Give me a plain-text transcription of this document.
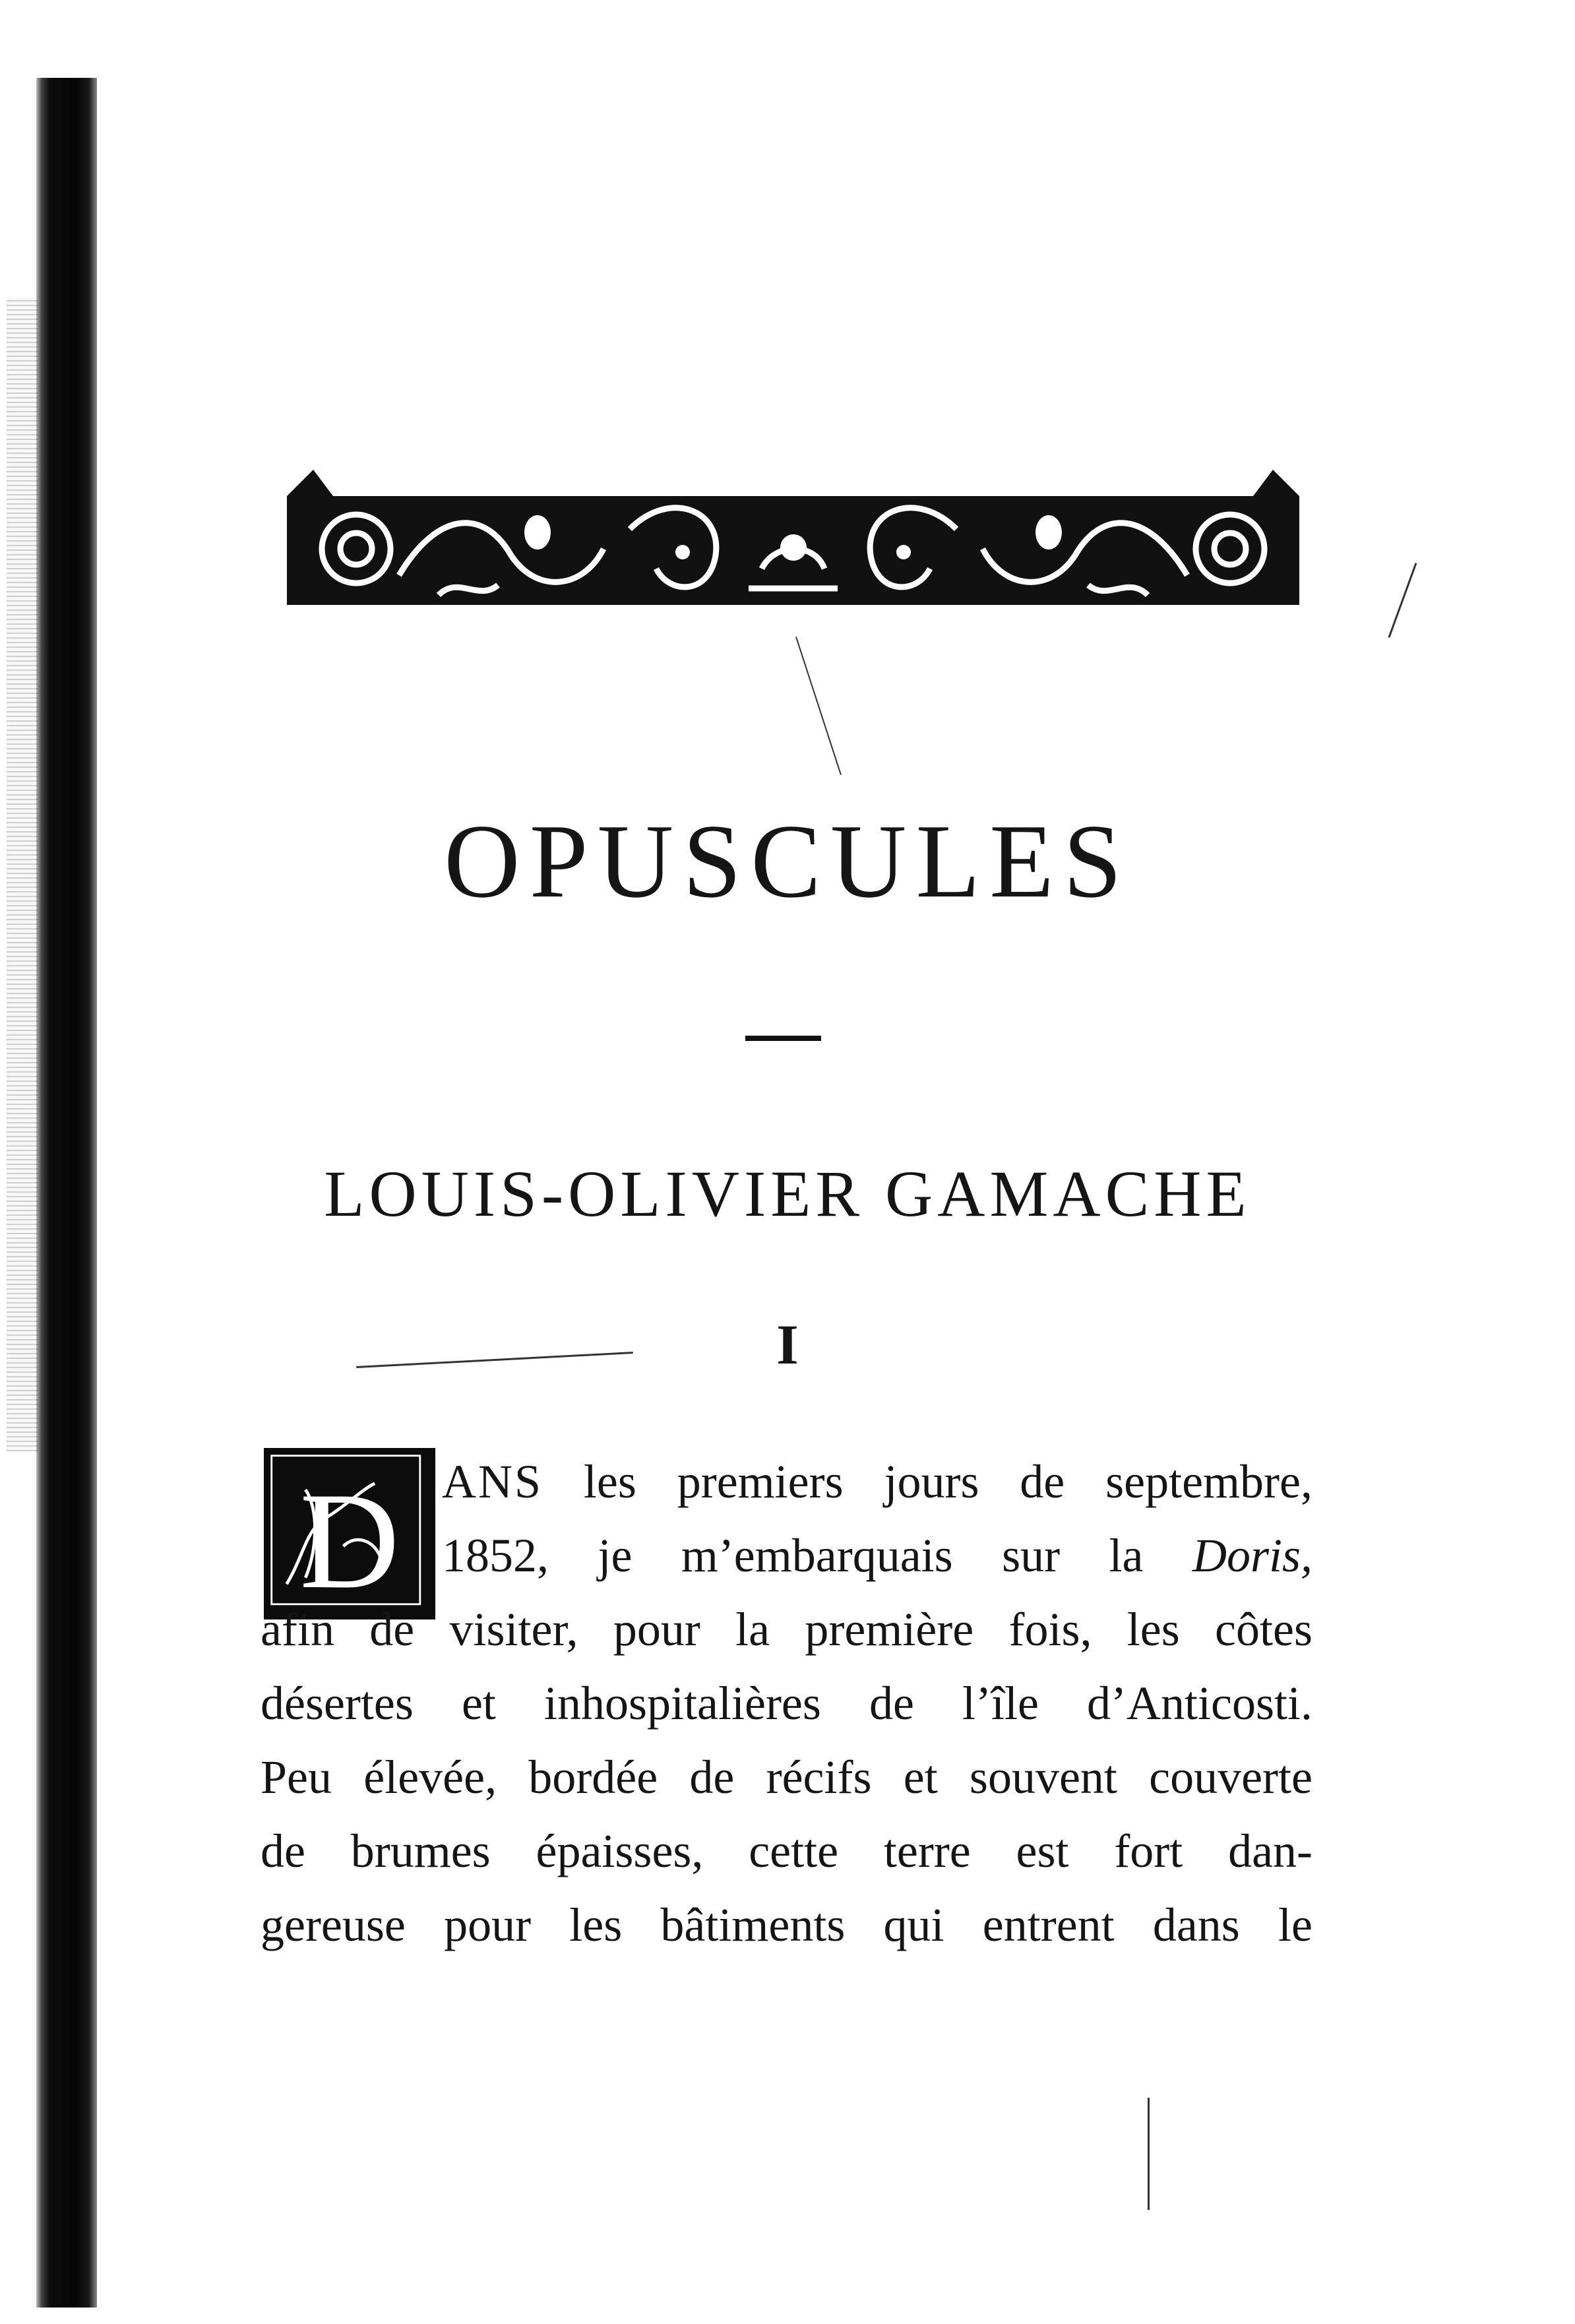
OPUSCULES
LOUIS-OLIVIER GAMACHE
I
D ANS les premiers jours de septembre,
1852, je m’embarquais sur la Doris,
afin de visiter, pour la première fois, les côtes
désertes et inhospitalières de l’île d’Anticosti.
Peu élevée, bordée de récifs et souvent couverte
de brumes épaisses, cette terre est fort dan-
gereuse pour les bâtiments qui entrent dans le
